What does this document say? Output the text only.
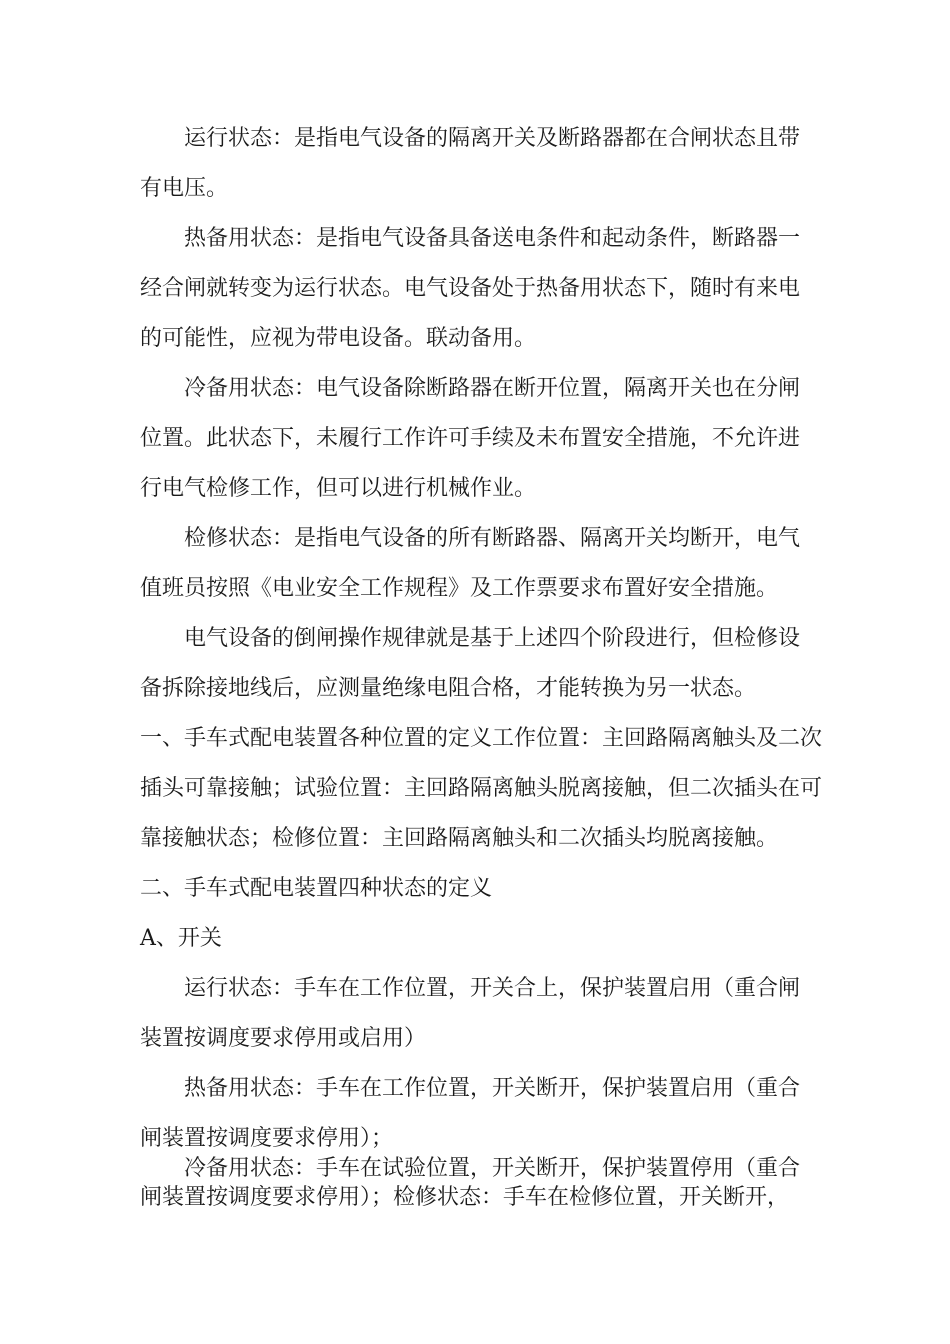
运行状态：是指电气设备的隔离开关及断路器都在合闸状态且带有电压。

热备用状态：是指电气设备具备送电条件和起动条件，断路器一经合闸就转变为运行状态。电气设备处于热备用状态下，随时有来电的可能性，应视为带电设备。联动备用。

冷备用状态：电气设备除断路器在断开位置，隔离开关也在分闸位置。此状态下，未履行工作许可手续及未布置安全措施，不允许进行电气检修工作，但可以进行机械作业。

检修状态：是指电气设备的所有断路器、隔离开关均断开，电气值班员按照《电业安全工作规程》及工作票要求布置好安全措施。

电气设备的倒闸操作规律就是基于上述四个阶段进行，但检修设备拆除接地线后，应测量绝缘电阻合格，才能转换为另一状态。

一、手车式配电装置各种位置的定义工作位置：主回路隔离触头及二次插头可靠接触；试验位置：主回路隔离触头脱离接触，但二次插头在可靠接触状态；检修位置：主回路隔离触头和二次插头均脱离接触。

二、手车式配电装置四种状态的定义

A、开关

运行状态：手车在工作位置，开关合上，保护装置启用（重合闸装置按调度要求停用或启用）

热备用状态：手车在工作位置，开关断开，保护装置启用（重合闸装置按调度要求停用）；

冷备用状态：手车在试验位置，开关断开，保护装置停用（重合闸装置按调度要求停用）；检修状态：手车在检修位置，开关断开，
